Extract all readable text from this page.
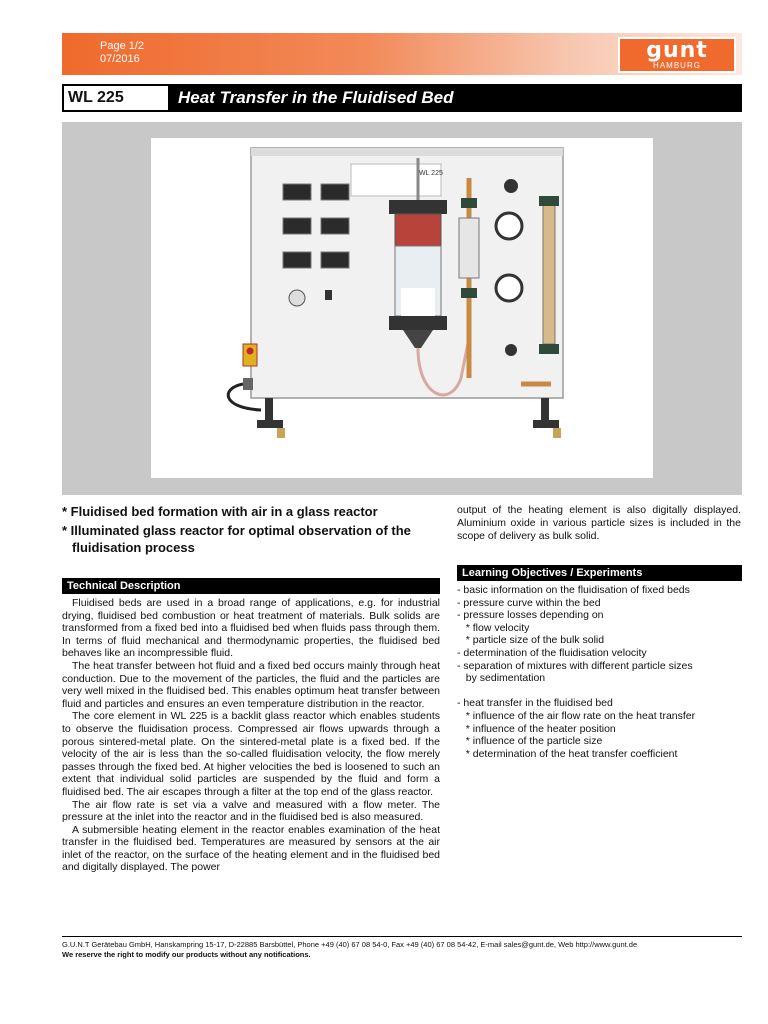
Page 1/2
07/2016	gunt
HAMBURG
WL 225	Heat Transfer in the Fluidised Bed
WL 225
* Fluidised bed formation with air in a glass reactor
* Illuminated glass reactor for optimal observation of the fluidisation process
output of the heating element is also digitally displayed. Aluminium oxide in various particle sizes is included in the scope of delivery as bulk solid.
Technical Description

Fluidised beds are used in a broad range of applications, e.g. for industrial drying, fluidised bed combustion or heat treatment of materials. Bulk solids are transformed from a fixed bed into a fluidised bed when fluids pass through them. In terms of fluid mechanical and thermodynamic properties, the fluidised bed behaves like an incompressible fluid.

The heat transfer between hot fluid and a fixed bed occurs mainly through heat conduction. Due to the movement of the particles, the fluid and the particles are very well mixed in the fluidised bed. This enables optimum heat transfer between fluid and particles and ensures an even temperature distribution in the reactor.

The core element in WL 225 is a backlit glass reactor which enables students to observe the fluidisation process. Compressed air flows upwards through a porous sintered-metal plate. On the sintered-metal plate is a fixed bed. If the velocity of the air is less than the so-called fluidisation velocity, the flow merely passes through the fixed bed. At higher velocities the bed is loosened to such an extent that individual solid particles are suspended by the fluid and form a fluidised bed. The air escapes through a filter at the top end of the glass reactor.

The air flow rate is set via a valve and measured with a flow meter. The pressure at the inlet into the reactor and in the fluidised bed is also measured.

A submersible heating element in the reactor enables examination of the heat transfer in the fluidised bed. Temperatures are measured by sensors at the air inlet of the reactor, on the surface of the heating element and in the fluidised bed and digitally displayed. The power

Learning Objectives / Experiments
- basic information on the fluidisation of fixed beds
- pressure curve within the bed
- pressure losses depending on
* flow velocity
* particle size of the bulk solid
- determination of the fluidisation velocity
- separation of mixtures with different particle sizes
by sedimentation

- heat transfer in the fluidised bed
* influence of the air flow rate on the heat transfer
* influence of the heater position
* influence of the particle size
* determination of the heat transfer coefficient
G.U.N.T Gerätebau GmbH, Hanskampring 15-17, D-22885 Barsbüttel, Phone +49 (40) 67 08 54-0, Fax +49 (40) 67 08 54-42, E-mail sales@gunt.de, Web http://www.gunt.de
We reserve the right to modify our products without any notifications.
